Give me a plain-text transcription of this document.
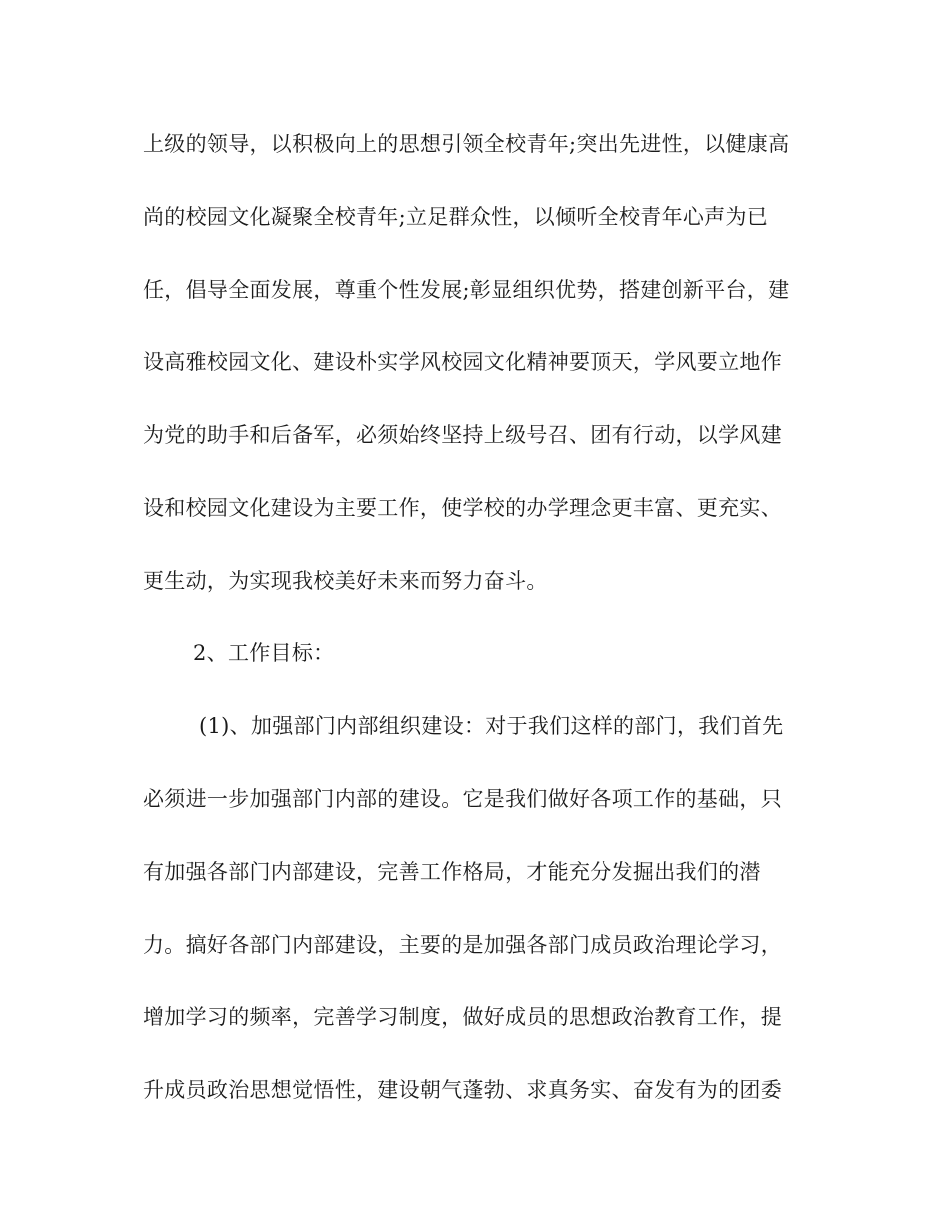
上级的领导，以积极向上的思想引领全校青年;突出先进性，以健康高
尚的校园文化凝聚全校青年;立足群众性，以倾听全校青年心声为已
任，倡导全面发展，尊重个性发展;彰显组织优势，搭建创新平台，建
设高雅校园文化、建设朴实学风校园文化精神要顶天，学风要立地作
为党的助手和后备军，必须始终坚持上级号召、团有行动，以学风建
设和校园文化建设为主要工作，使学校的办学理念更丰富、更充实、
更生动，为实现我校美好未来而努力奋斗。
2、工作目标：
(1)、加强部门内部组织建设：对于我们这样的部门，我们首先
必须进一步加强部门内部的建设。它是我们做好各项工作的基础，只
有加强各部门内部建设，完善工作格局，才能充分发掘出我们的潜
力。搞好各部门内部建设，主要的是加强各部门成员政治理论学习，
增加学习的频率，完善学习制度，做好成员的思想政治教育工作，提
升成员政治思想觉悟性，建设朝气蓬勃、求真务实、奋发有为的团委
